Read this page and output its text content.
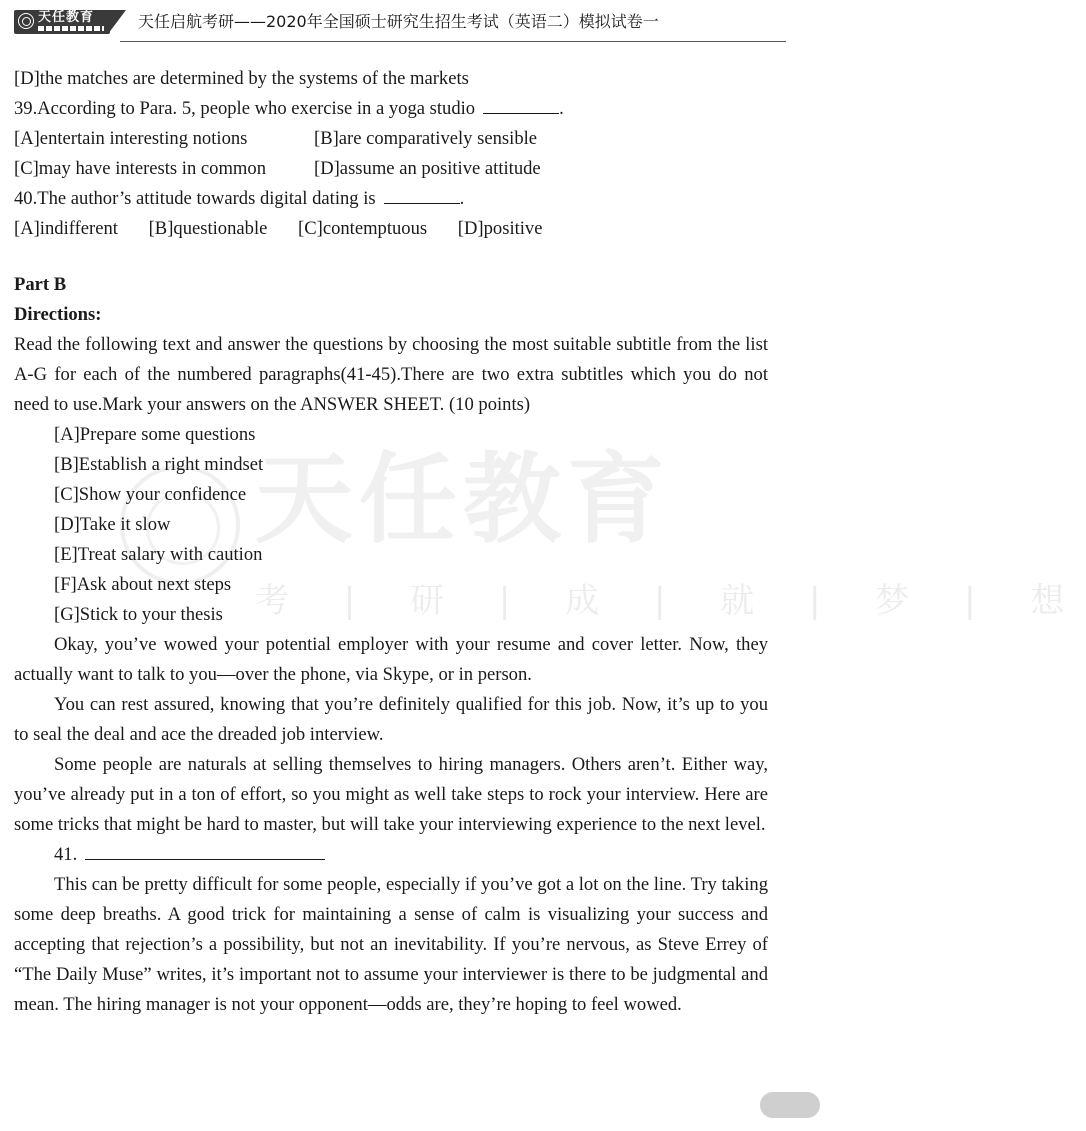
天任教育	天任启航考研——2020年全国硕士研究生招生考试（英语二）模拟试卷一
天任教育
考 | 研 | 成 | 就 | 梦 | 想
[D]the matches are determined by the systems of the markets
39.According to Para. 5, people who exercise in a yoga studio	.
[A]entertain interesting notions	[B]are comparatively sensible
[C]may have interests in common	[D]assume an positive attitude
40.The author’s attitude towards digital dating is	.
[A]indifferent [B]questionable [C]contemptuous [D]positive
Part B
Directions:
Read the following text and answer the questions by choosing the most suitable subtitle from the list A-G for each of the numbered paragraphs(41-45).There are two extra subtitles which you do not need to use.Mark your answers on the ANSWER SHEET. (10 points)
[A]Prepare some questions
[B]Establish a right mindset
[C]Show your confidence
[D]Take it slow
[E]Treat salary with caution
[F]Ask about next steps
[G]Stick to your thesis
Okay, you’ve wowed your potential employer with your resume and cover letter. Now, they actually want to talk to you—over the phone, via Skype, or in person.
You can rest assured, knowing that you’re definitely qualified for this job. Now, it’s up to you to seal the deal and ace the dreaded job interview.
Some people are naturals at selling themselves to hiring managers. Others aren’t. Either way, you’ve already put in a ton of effort, so you might as well take steps to rock your interview. Here are some tricks that might be hard to master, but will take your interviewing experience to the next level.
41.
This can be pretty difficult for some people, especially if you’ve got a lot on the line. Try taking some deep breaths. A good trick for maintaining a sense of calm is visualizing your success and accepting that rejection’s a possibility, but not an inevitability. If you’re nervous, as Steve Errey of “The Daily Muse” writes, it’s important not to assume your interviewer is there to be judgmental and mean. The hiring manager is not your opponent—odds are, they’re hoping to feel wowed.
